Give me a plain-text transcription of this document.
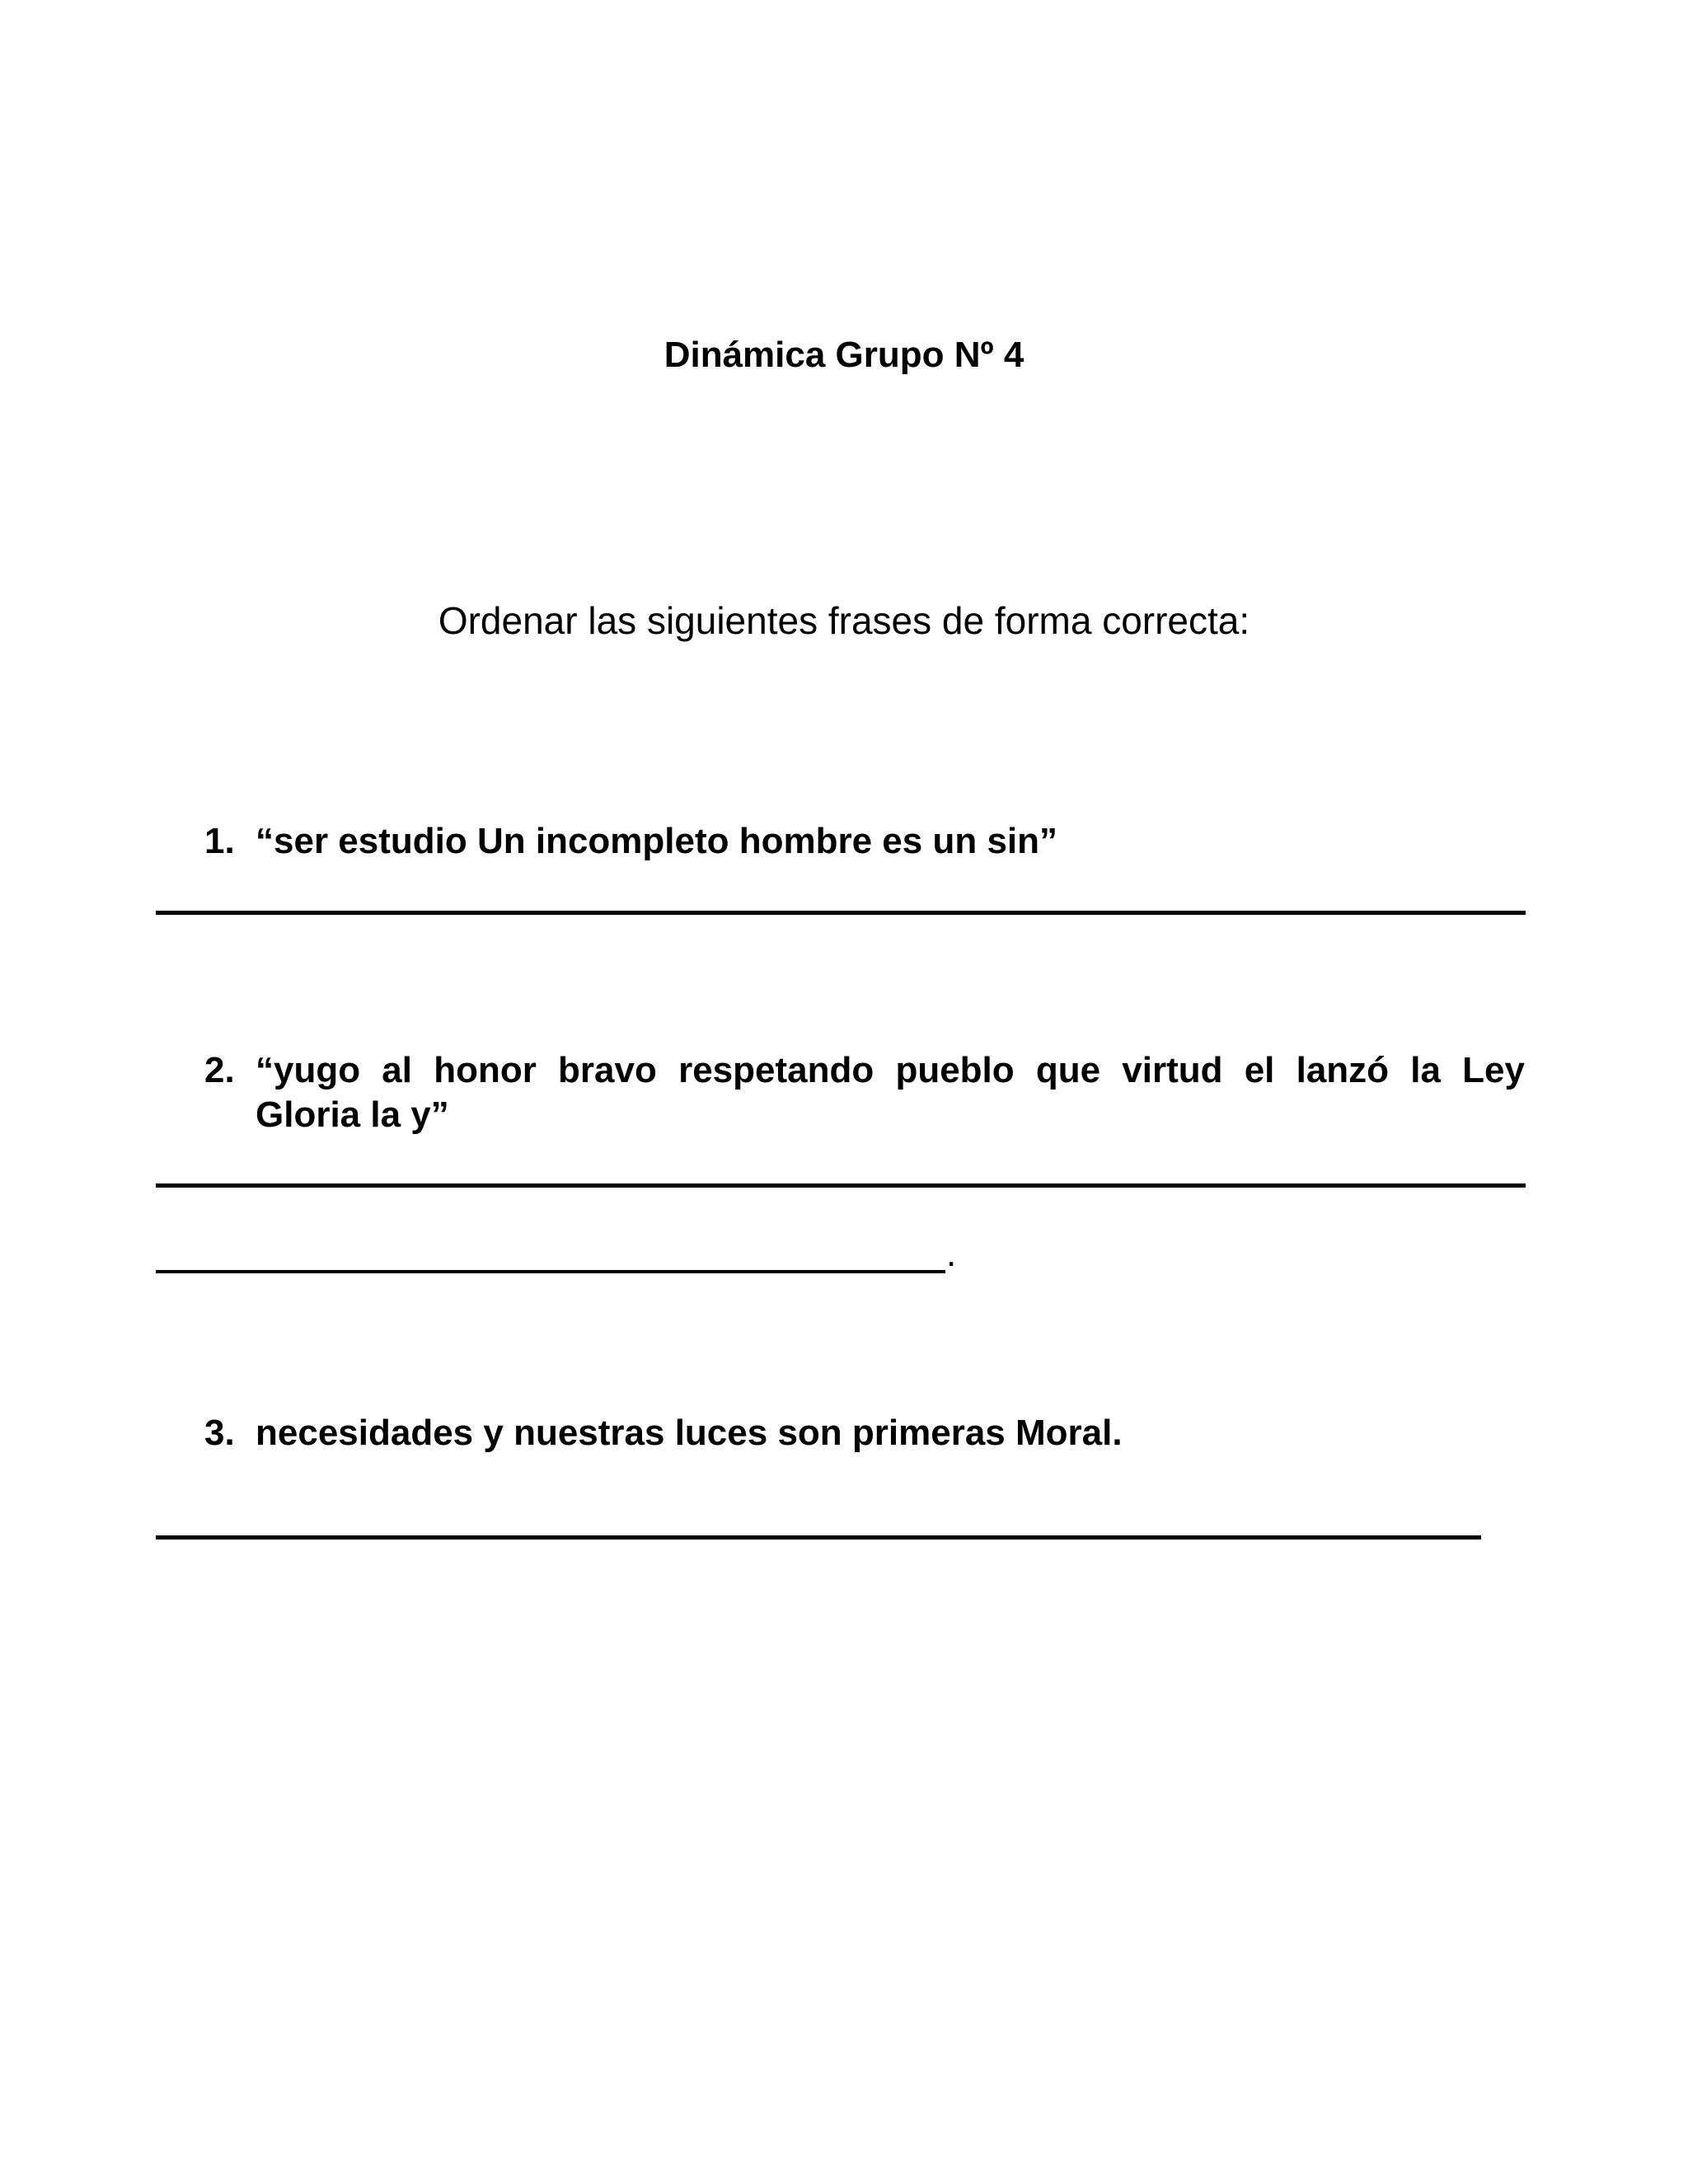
Dinámica Grupo Nº 4
Ordenar las siguientes frases de forma correcta:
1. “ser estudio Un incompleto hombre es un sin”
2. “yugo al honor bravo respetando pueblo que virtud el lanzó la Ley
Gloria la y”
.
3. necesidades y nuestras luces son primeras Moral.
